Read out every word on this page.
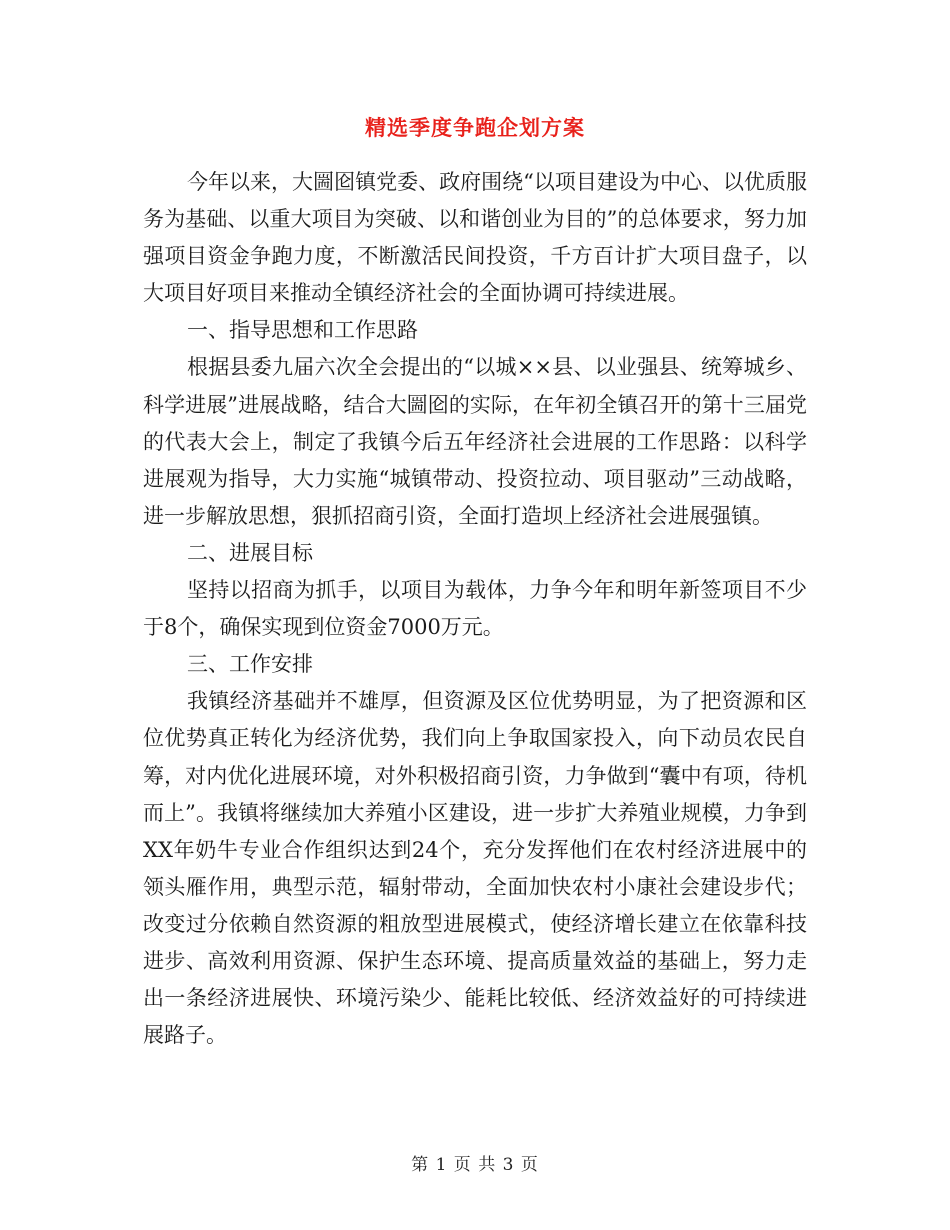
精选季度争跑企划方案

今年以来，大圌囵镇党委、政府围绕“以项目建设为中心、以优质服务为基础、以重大项目为突破、以和谐创业为目的”的总体要求，努力加强项目资金争跑力度，不断激活民间投资，千方百计扩大项目盘子，以大项目好项目来推动全镇经济社会的全面协调可持续进展。

一、指导思想和工作思路

根据县委九届六次全会提出的“以城××县、以业强县、统筹城乡、科学进展”进展战略，结合大圌囵的实际，在年初全镇召开的第十三届党的代表大会上，制定了我镇今后五年经济社会进展的工作思路：以科学进展观为指导，大力实施“城镇带动、投资拉动、项目驱动”三动战略，进一步解放思想，狠抓招商引资，全面打造坝上经济社会进展强镇。

二、进展目标

坚持以招商为抓手，以项目为载体，力争今年和明年新签项目不少于8个，确保实现到位资金7000万元。

三、工作安排

我镇经济基础并不雄厚，但资源及区位优势明显，为了把资源和区位优势真正转化为经济优势，我们向上争取国家投入，向下动员农民自筹，对内优化进展环境，对外积极招商引资，力争做到“囊中有项，待机而上”。我镇将继续加大养殖小区建设，进一步扩大养殖业规模，力争到XX年奶牛专业合作组织达到24个，充分发挥他们在农村经济进展中的领头雁作用，典型示范，辐射带动，全面加快农村小康社会建设步代；改变过分依赖自然资源的粗放型进展模式，使经济增长建立在依靠科技进步、高效利用资源、保护生态环境、提高质量效益的基础上，努力走出一条经济进展快、环境污染少、能耗比较低、经济效益好的可持续进展路子。

第 1 页 共 3 页
